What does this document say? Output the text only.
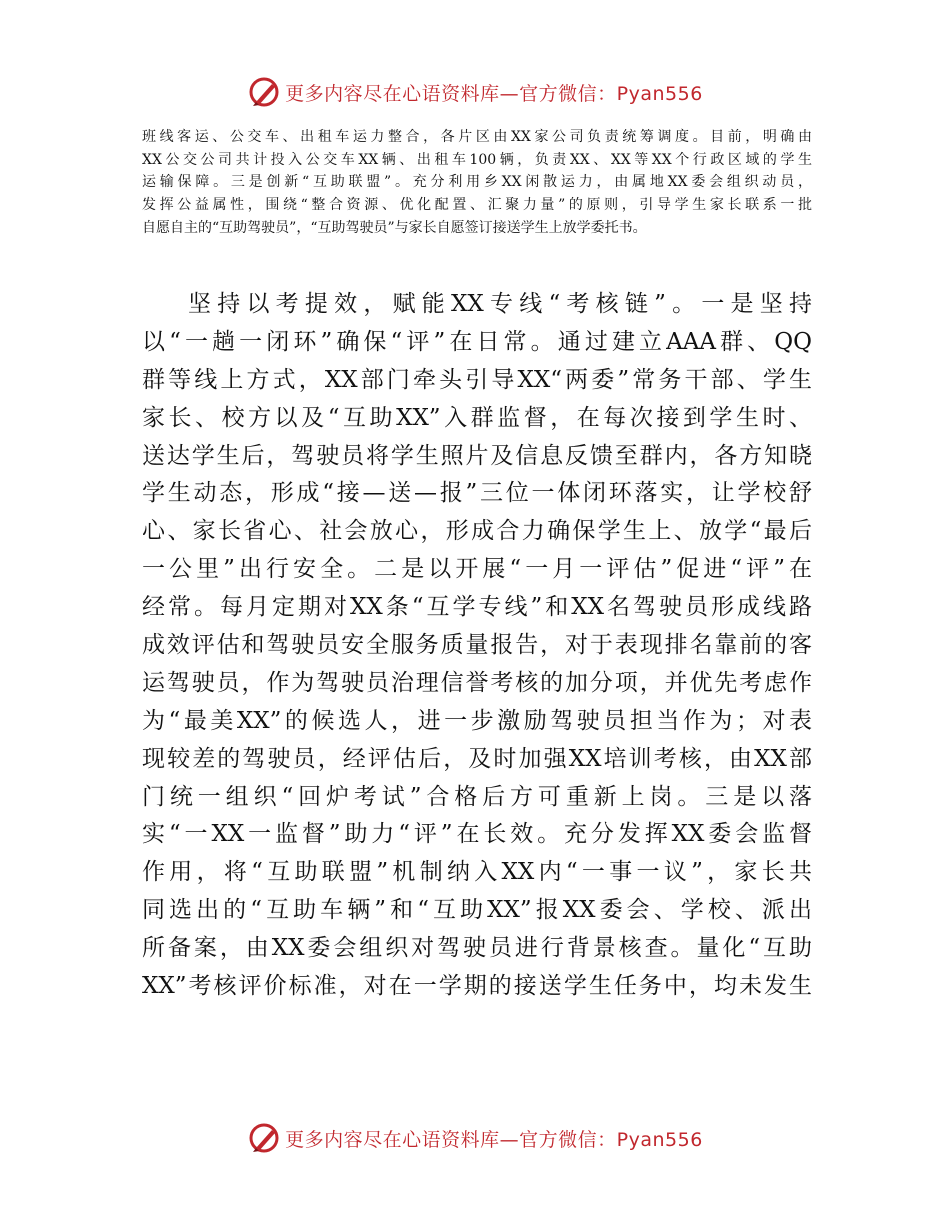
更多内容尽在心语资料库—官方微信：Pyan556
班线客运、公交车、出租车运力整合，各片区由XX家公司负责统筹调度。目前，明确由
XX公交公司共计投入公交车XX辆、出租车100辆，负责XX、XX等XX个行政区域的学生
运输保障。三是创新“互助联盟”。充分利用乡XX闲散运力，由属地XX委会组织动员，
发挥公益属性，围绕“整合资源、优化配置、汇聚力量”的原则，引导学生家长联系一批
自愿自主的“互助驾驶员”，“互助驾驶员”与家长自愿签订接送学生上放学委托书。
坚持以考提效，赋能XX专线“考核链”。一是坚持
以“一趟一闭环”确保“评”在日常。通过建立AAA群、QQ
群等线上方式，XX部门牵头引导XX“两委”常务干部、学生
家长、校方以及“互助XX”入群监督，在每次接到学生时、
送达学生后，驾驶员将学生照片及信息反馈至群内，各方知晓
学生动态，形成“接—送—报”三位一体闭环落实，让学校舒
心、家长省心、社会放心，形成合力确保学生上、放学“最后
一公里”出行安全。二是以开展“一月一评估”促进“评”在
经常。每月定期对XX条“互学专线”和XX名驾驶员形成线路
成效评估和驾驶员安全服务质量报告，对于表现排名靠前的客
运驾驶员，作为驾驶员治理信誉考核的加分项，并优先考虑作
为“最美XX”的候选人，进一步激励驾驶员担当作为；对表
现较差的驾驶员，经评估后，及时加强XX培训考核，由XX部
门统一组织“回炉考试”合格后方可重新上岗。三是以落
实“一XX一监督”助力“评”在长效。充分发挥XX委会监督
作用，将“互助联盟”机制纳入XX内“一事一议”，家长共
同选出的“互助车辆”和“互助XX”报XX委会、学校、派出
所备案，由XX委会组织对驾驶员进行背景核查。量化“互助
XX”考核评价标准，对在一学期的接送学生任务中，均未发生
更多内容尽在心语资料库—官方微信：Pyan556
